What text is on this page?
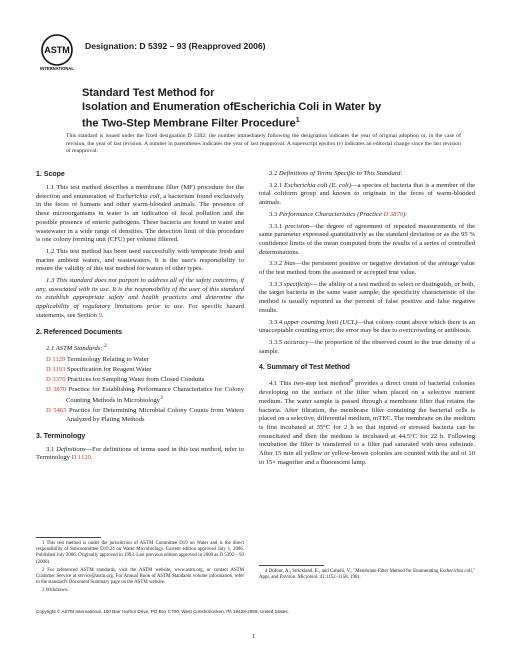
ASTM
INTERNATIONAL
Designation: D 5392 – 93 (Reapproved 2006)
Standard Test Method for
Isolation and Enumeration ofEscherichia Coli in Water by
the Two-Step Membrane Filter Procedure$^1$
This standard is issued under the fixed designation D 5392; the number immediately following the designation indicates the year of original adoption or, in the case of revision, the year of last revision. A number in parentheses indicates the year of last reapproval. A superscript epsilon (ε) indicates an editorial change since the last revision or reapproval.
1. Scope

1.1 This test method describes a membrane filter (MF) procedure for the detection and enumeration of Escherichia coli, a bacterium found exclusively in the feces of humans and other warm-blooded animals. The presence of these microorganisms in water is an indication of fecal pollution and the possible presence of enteric pathogens. These bacteria are found in water and wastewater in a wide range of densities. The detection limit of this procedure is one colony forming unit (CFU) per volume filtered.

1.2 This test method has been used successfully with temperate fresh and marine ambient waters, and wastewaters. It is the user's responsibility to ensure the validity of this test method for waters of other types.

1.3 This standard does not purport to address all of the safety concerns, if any, associated with its use. It is the responsibility of the user of this standard to establish appropriate safety and health practices and determine the applicability of regulatory limitations prior to use. For specific hazard statements, see Section 9.

2. Referenced Documents

2.1 ASTM Standards: $^2$

D 1129 Terminology Relating to Water

D 1193 Specification for Reagent Water

D 3370 Practices for Sampling Water from Closed Conduits

D 3870 Practice for Establishing Performance Characteristics for Colony Counting Methods in Microbiology$^3$

D 5465 Practice for Determining Microbial Colony Counts from Waters Analyzed by Plating Methods

3. Terminology

3.1 Definitions—For definitions of terms used in this test method, refer to Terminology D 1129.

1 This test method is under the jurisdiction of ASTM Committee D19 on Water and is the direct responsibility of Subcommittee D19.24 on Water Microbiology. Current edition approved July 1, 2006. Published July 2006. Originally approved in 1993. Last previous edition approved in 2000 as D 5392 – 93 (2000).

2 For referenced ASTM standards, visit the ASTM website, www.astm.org, or contact ASTM Customer Service at service@astm.org. For Annual Book of ASTM Standards volume information, refer to the standard's Document Summary page on the ASTM website.

3 Withdrawn.

3.2 Definitions of Terms Specific to This Standard:

3.2.1 Escherichia coli (E. coli)—a species of bacteria that is a member of the total coliform group and known to originate in the feces of warm-blooded animals.

3.3 Performance Characteristics (Practice D 3870):

3.3.1 precision—the degree of agreement of repeated measurements of the same parameter expressed quantitatively as the standard deviation or as the 95 % confidence limits of the mean computed from the results of a series of controlled determinations.

3.3.2 bias—the persistent positive or negative deviation of the average value of the test method from the assumed or accepted true value.

3.3.3 specificity— the ability of a test method to select or distinguish, or both, the target bacteria in the same water sample; the specificity characteristic of the method is usually reported as the percent of false positive and false negative results.

3.3.4 upper counting limit (UCL)—that colony count above which there is an unacceptable counting error; the error may be due to overcrowding or antibiosis.

3.3.5 accuracy—the proportion of the observed count to the true density of a sample.

4. Summary of Test Method

4.1 This two-step test method$^4$ provides a direct count of bacterial colonies developing on the surface of the filter when placed on a selective nutrient medium. The water sample is passed through a membrane filter that retains the bacteria. After filtration, the membrane filter containing the bacterial cells is placed on a selective, differential medium, mTEC. The membrane on the medium is first incubated at 35°C for 2 h so that injured or stressed bacteria can be resuscitated and then the medium is incubated at 44.5°C for 22 h. Following incubation the filter is transferred to a filter pad saturated with urea substrate. After 15 min all yellow or yellow-brown colonies are counted with the aid of 10 to 15× magnifier and a fluorescent lamp.

4 Dufour, A., Strickland, E., and Cabelli, V., "Membrane Filter Method for Enumerating Escherichia coli," Appl. and Environ. Microbiol. 41:1152–1158, 1981.

Copyright © ASTM International, 100 Barr Harbor Drive, PO Box C700, West Conshohocken, PA 19428-2959, United States.
1
